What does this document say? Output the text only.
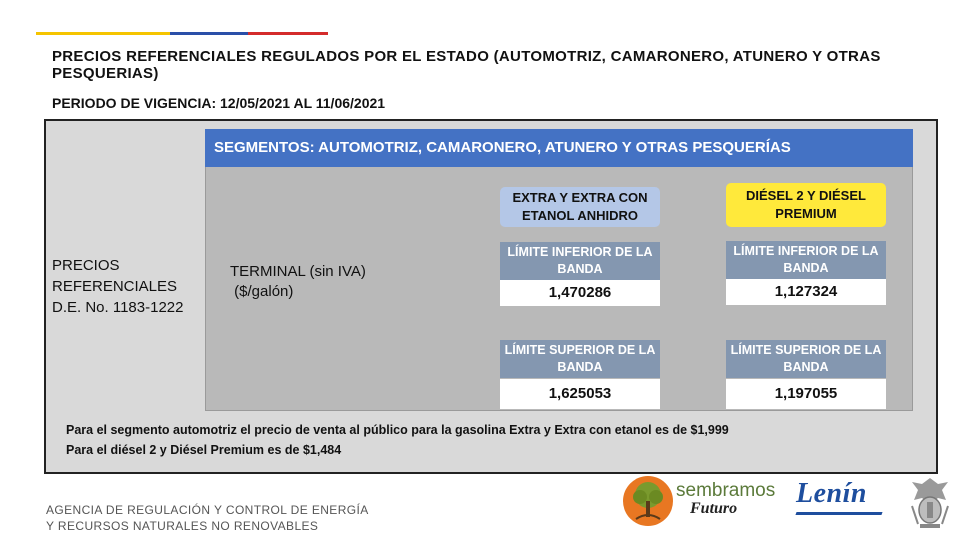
PRECIOS REFERENCIALES REGULADOS POR EL ESTADO (AUTOMOTRIZ, CAMARONERO, ATUNERO Y OTRAS PESQUERIAS)
PERIODO DE VIGENCIA: 12/05/2021 AL 11/06/2021
SEGMENTOS: AUTOMOTRIZ, CAMARONERO, ATUNERO Y OTRAS PESQUERÍAS
PRECIOS
REFERENCIALES
D.E. No. 1183-1222
TERMINAL (sin IVA)
($/galón)
EXTRA Y EXTRA CON ETANOL ANHIDRO
DIÉSEL 2 Y DIÉSEL PREMIUM
LÍMITE INFERIOR DE LA BANDA
1,470286
LÍMITE INFERIOR DE LA BANDA
1,127324
LÍMITE SUPERIOR DE LA BANDA
1,625053
LÍMITE SUPERIOR DE LA BANDA
1,197055
Para el segmento automotriz el precio de venta al público para la gasolina Extra y Extra con etanol es de $1,999
Para el diésel 2 y Diésel Premium es de $1,484
AGENCIA DE REGULACIÓN Y CONTROL DE ENERGÍA
Y RECURSOS NATURALES NO RENOVABLES
sembramos
Futuro Lenín
